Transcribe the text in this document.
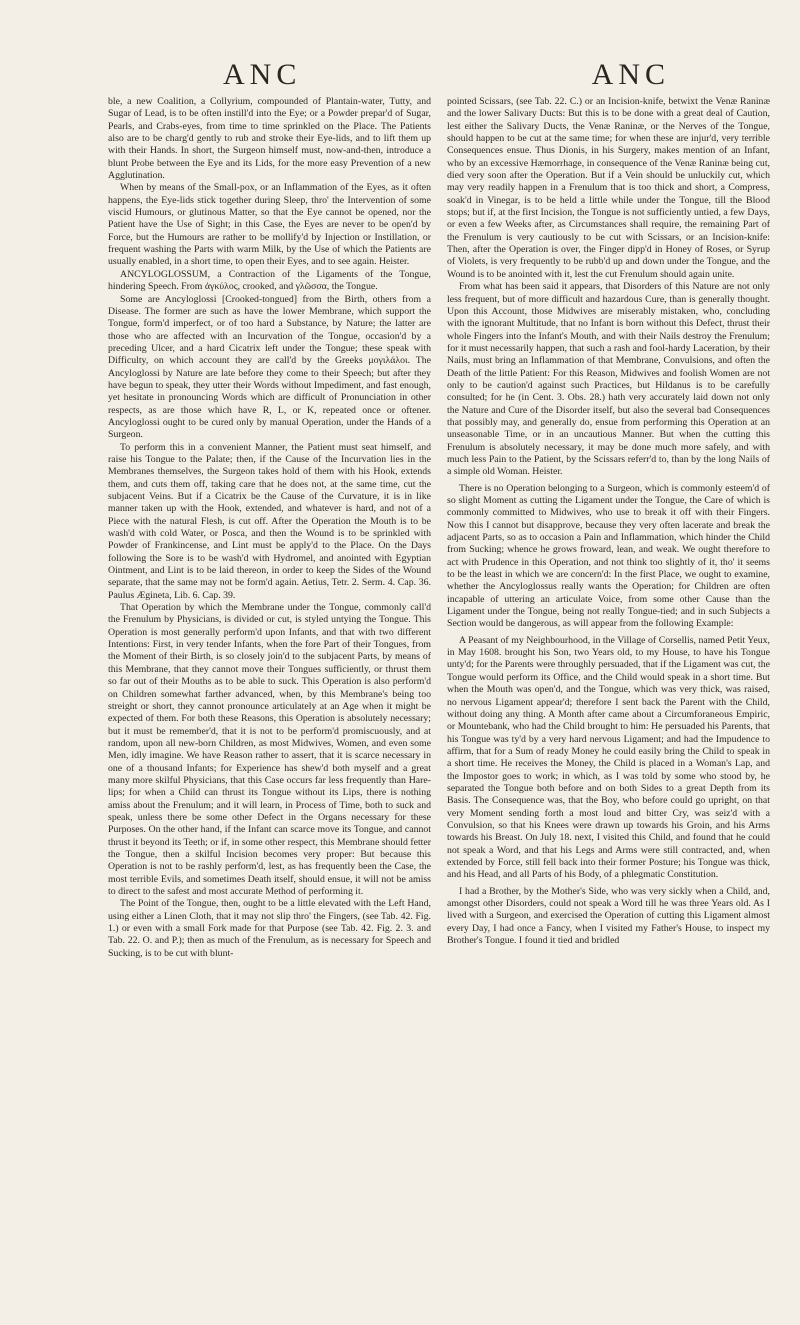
ANC	ANC

ble, a new Coalition, a Collyrium, compounded of Plantain-water, Tutty, and Sugar of Lead, is to be often instill'd into the Eye; or a Powder prepar'd of Sugar, Pearls, and Crabs-eyes, from time to time sprinkled on the Place. The Patients also are to be charg'd gently to rub and stroke their Eye-lids, and to lift them up with their Hands. In short, the Surgeon himself must, now-and-then, introduce a blunt Probe between the Eye and its Lids, for the more easy Prevention of a new Agglutination.

When by means of the Small-pox, or an Inflammation of the Eyes, as it often happens, the Eye-lids stick together during Sleep, thro' the Intervention of some viscid Humours, or glutinous Matter, so that the Eye cannot be opened, nor the Patient have the Use of Sight; in this Case, the Eyes are never to be open'd by Force, but the Humours are rather to be mollify'd by Injection or Instillation, or frequent washing the Parts with warm Milk, by the Use of which the Patients are usually enabled, in a short time, to open their Eyes, and to see again. Heister.

ANCYLOGLOSSUM, a Contraction of the Ligaments of the Tongue, hindering Speech. From ἀγκύλος, crooked, and γλῶσσα, the Tongue.

Some are Ancyloglossi [Crooked-tongued] from the Birth, others from a Disease. The former are such as have the lower Membrane, which support the Tongue, form'd imperfect, or of too hard a Substance, by Nature; the latter are those who are affected with an Incurvation of the Tongue, occasion'd by a preceding Ulcer, and a hard Cicatrix left under the Tongue; these speak with Difficulty, on which account they are call'd by the Greeks μογιλάλοι. The Ancyloglossi by Nature are late before they come to their Speech; but after they have begun to speak, they utter their Words without Impediment, and fast enough, yet hesitate in pronouncing Words which are difficult of Pronunciation in other respects, as are those which have R, L, or K, repeated once or oftener. Ancyloglossi ought to be cured only by manual Operation, under the Hands of a Surgeon.

To perform this in a convenient Manner, the Patient must seat himself, and raise his Tongue to the Palate; then, if the Cause of the Incurvation lies in the Membranes themselves, the Surgeon takes hold of them with his Hook, extends them, and cuts them off, taking care that he does not, at the same time, cut the subjacent Veins. But if a Cicatrix be the Cause of the Curvature, it is in like manner taken up with the Hook, extended, and whatever is hard, and not of a Piece with the natural Flesh, is cut off. After the Operation the Mouth is to be wash'd with cold Water, or Posca, and then the Wound is to be sprinkled with Powder of Frankincense, and Lint must be apply'd to the Place. On the Days following the Sore is to be wash'd with Hydromel, and anointed with Egyptian Ointment, and Lint is to be laid thereon, in order to keep the Sides of the Wound separate, that the same may not be form'd again. Aetius, Tetr. 2. Serm. 4. Cap. 36. Paulus Ægineta, Lib. 6. Cap. 39.

That Operation by which the Membrane under the Tongue, commonly call'd the Frenulum by Physicians, is divided or cut, is styled untying the Tongue. This Operation is most generally perform'd upon Infants, and that with two different Intentions: First, in very tender Infants, when the fore Part of their Tongues, from the Moment of their Birth, is so closely join'd to the subjacent Parts, by means of this Membrane, that they cannot move their Tongues sufficiently, or thrust them so far out of their Mouths as to be able to suck. This Operation is also perform'd on Children somewhat farther advanced, when, by this Membrane's being too streight or short, they cannot pronounce articulately at an Age when it might be expected of them. For both these Reasons, this Operation is absolutely necessary; but it must be remember'd, that it is not to be perform'd promiscuously, and at random, upon all new-born Children, as most Midwives, Women, and even some Men, idly imagine. We have Reason rather to assert, that it is scarce necessary in one of a thousand Infants; for Experience has shew'd both myself and a great many more skilful Physicians, that this Case occurs far less frequently than Hare-lips; for when a Child can thrust its Tongue without its Lips, there is nothing amiss about the Frenulum; and it will learn, in Process of Time, both to suck and speak, unless there be some other Defect in the Organs necessary for these Purposes. On the other hand, if the Infant can scarce move its Tongue, and cannot thrust it beyond its Teeth; or if, in some other respect, this Membrane should fetter the Tongue, then a skilful Incision becomes very proper: But because this Operation is not to be rashly perform'd, lest, as has frequently been the Case, the most terrible Evils, and sometimes Death itself, should ensue, it will not be amiss to direct to the safest and most accurate Method of performing it.

The Point of the Tongue, then, ought to be a little elevated with the Left Hand, using either a Linen Cloth, that it may not slip thro' the Fingers, (see Tab. 42. Fig. 1.) or even with a small Fork made for that Purpose (see Tab. 42. Fig. 2. 3. and Tab. 22. O. and P.); then as much of the Frenulum, as is necessary for Speech and Sucking, is to be cut with blunt-

pointed Scissars, (see Tab. 22. C.) or an Incision-knife, betwixt the Venæ Raninæ and the lower Salivary Ducts: But this is to be done with a great deal of Caution, lest either the Salivary Ducts, the Venæ Raninæ, or the Nerves of the Tongue, should happen to be cut at the same time; for when these are injur'd, very terrible Consequences ensue. Thus Dionis, in his Surgery, makes mention of an Infant, who by an excessive Hæmorrhage, in consequence of the Venæ Raninæ being cut, died very soon after the Operation. But if a Vein should be unluckily cut, which may very readily happen in a Frenulum that is too thick and short, a Compress, soak'd in Vinegar, is to be held a little while under the Tongue, till the Blood stops; but if, at the first Incision, the Tongue is not sufficiently untied, a few Days, or even a few Weeks after, as Circumstances shall require, the remaining Part of the Frenulum is very cautiously to be cut with Scissars, or an Incision-knife: Then, after the Operation is over, the Finger dipp'd in Honey of Roses, or Syrup of Violets, is very frequently to be rubb'd up and down under the Tongue, and the Wound is to be anointed with it, lest the cut Frenulum should again unite.

From what has been said it appears, that Disorders of this Nature are not only less frequent, but of more difficult and hazardous Cure, than is generally thought. Upon this Account, those Midwives are miserably mistaken, who, concluding with the ignorant Multitude, that no Infant is born without this Defect, thrust their whole Fingers into the Infant's Mouth, and with their Nails destroy the Frenulum; for it must necessarily happen, that such a rash and fool-hardy Laceration, by their Nails, must bring an Inflammation of that Membrane, Convulsions, and often the Death of the little Patient: For this Reason, Midwives and foolish Women are not only to be caution'd against such Practices, but Hildanus is to be carefully consulted; for he (in Cent. 3. Obs. 28.) hath very accurately laid down not only the Nature and Cure of the Disorder itself, but also the several bad Consequences that possibly may, and generally do, ensue from performing this Operation at an unseasonable Time, or in an uncautious Manner. But when the cutting this Frenulum is absolutely necessary, it may be done much more safely, and with much less Pain to the Patient, by the Scissars referr'd to, than by the long Nails of a simple old Woman. Heister.

There is no Operation belonging to a Surgeon, which is commonly esteem'd of so slight Moment as cutting the Ligament under the Tongue, the Care of which is commonly committed to Midwives, who use to break it off with their Fingers. Now this I cannot but disapprove, because they very often lacerate and break the adjacent Parts, so as to occasion a Pain and Inflammation, which hinder the Child from Sucking; whence he grows froward, lean, and weak. We ought therefore to act with Prudence in this Operation, and not think too slightly of it, tho' it seems to be the least in which we are concern'd: In the first Place, we ought to examine, whether the Ancyloglossus really wants the Operation; for Children are often incapable of uttering an articulate Voice, from some other Cause than the Ligament under the Tongue, being not really Tongue-tied; and in such Subjects a Section would be dangerous, as will appear from the following Example:

A Peasant of my Neighbourhood, in the Village of Corsellis, named Petit Yeux, in May 1608. brought his Son, two Years old, to my House, to have his Tongue unty'd; for the Parents were throughly persuaded, that if the Ligament was cut, the Tongue would perform its Office, and the Child would speak in a short time. But when the Mouth was open'd, and the Tongue, which was very thick, was raised, no nervous Ligament appear'd; therefore I sent back the Parent with the Child, without doing any thing. A Month after came about a Circumforaneous Empiric, or Mountebank, who had the Child brought to him: He persuaded his Parents, that his Tongue was ty'd by a very hard nervous Ligament; and had the Impudence to affirm, that for a Sum of ready Money he could easily bring the Child to speak in a short time. He receives the Money, the Child is placed in a Woman's Lap, and the Impostor goes to work; in which, as I was told by some who stood by, he separated the Tongue both before and on both Sides to a great Depth from its Basis. The Consequence was, that the Boy, who before could go upright, on that very Moment sending forth a most loud and bitter Cry, was seiz'd with a Convulsion, so that his Knees were drawn up towards his Groin, and his Arms towards his Breast. On July 18. next, I visited this Child, and found that he could not speak a Word, and that his Legs and Arms were still contracted, and, when extended by Force, still fell back into their former Posture; his Tongue was thick, and his Head, and all Parts of his Body, of a phlegmatic Constitution.

I had a Brother, by the Mother's Side, who was very sickly when a Child, and, amongst other Disorders, could not speak a Word till he was three Years old. As I lived with a Surgeon, and exercised the Operation of cutting this Ligament almost every Day, I had once a Fancy, when I visited my Father's House, to inspect my Brother's Tongue. I found it tied and bridled
